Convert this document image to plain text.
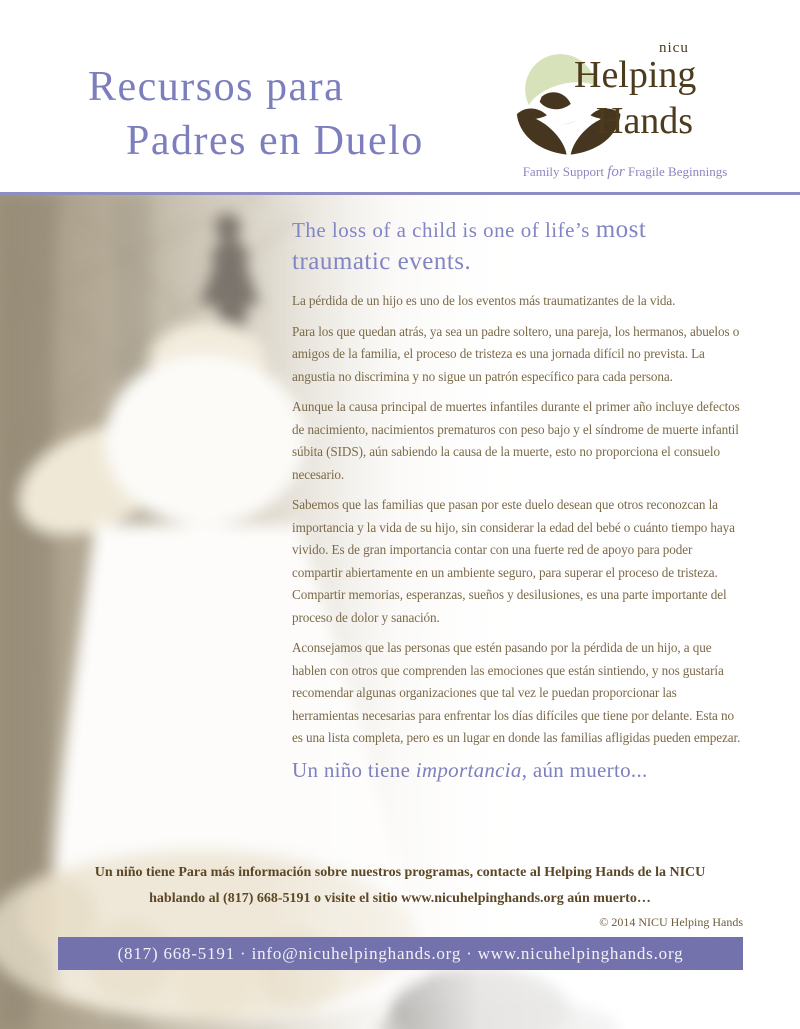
Recursos para
Padres en Duelo
nicu
Helping
Hands
Family Support for Fragile Beginnings
The loss of a child is one of life’s most
traumatic events.

La pérdida de un hijo es uno de los eventos más traumatizantes de la vida.

Para los que quedan atrás, ya sea un padre soltero, una pareja, los hermanos, abuelos o amigos de la familia, el proceso de tristeza es una jornada difícil no prevista. La angustia no discrimina y no sigue un patrón específico para cada persona.

Aunque la causa principal de muertes infantiles durante el primer año incluye defectos de nacimiento, nacimientos prematuros con peso bajo y el síndrome de muerte infantil súbita (SIDS), aún sabiendo la causa de la muerte, esto no proporciona el consuelo necesario.

Sabemos que las familias que pasan por este duelo desean que otros reconozcan la importancia y la vida de su hijo, sin considerar la edad del bebé o cuánto tiempo haya vivido. Es de gran importancia contar con una fuerte red de apoyo para poder compartir abiertamente en un ambiente seguro, para superar el proceso de tristeza. Compartir memorias, esperanzas, sueños y desilusiones, es una parte importante del proceso de dolor y sanación.

Aconsejamos que las personas que estén pasando por la pérdida de un hijo, a que hablen con otros que comprenden las emociones que están sintiendo, y nos gustaría recomendar algunas organizaciones que tal vez le puedan proporcionar las herramientas necesarias para enfrentar los días difíciles que tiene por delante. Esta no es una lista completa, pero es un lugar en donde las familias afligidas pueden empezar.

Un niño tiene importancia, aún muerto...
Un niño tiene Para más información sobre nuestros programas, contacte al Helping Hands de la NICU
hablando al (817) 668-5191 o visite el sitio www.nicuhelpinghands.org aún muerto…
© 2014 NICU Helping Hands
(817) 668-5191 · info@nicuhelpinghands.org · www.nicuhelpinghands.org
